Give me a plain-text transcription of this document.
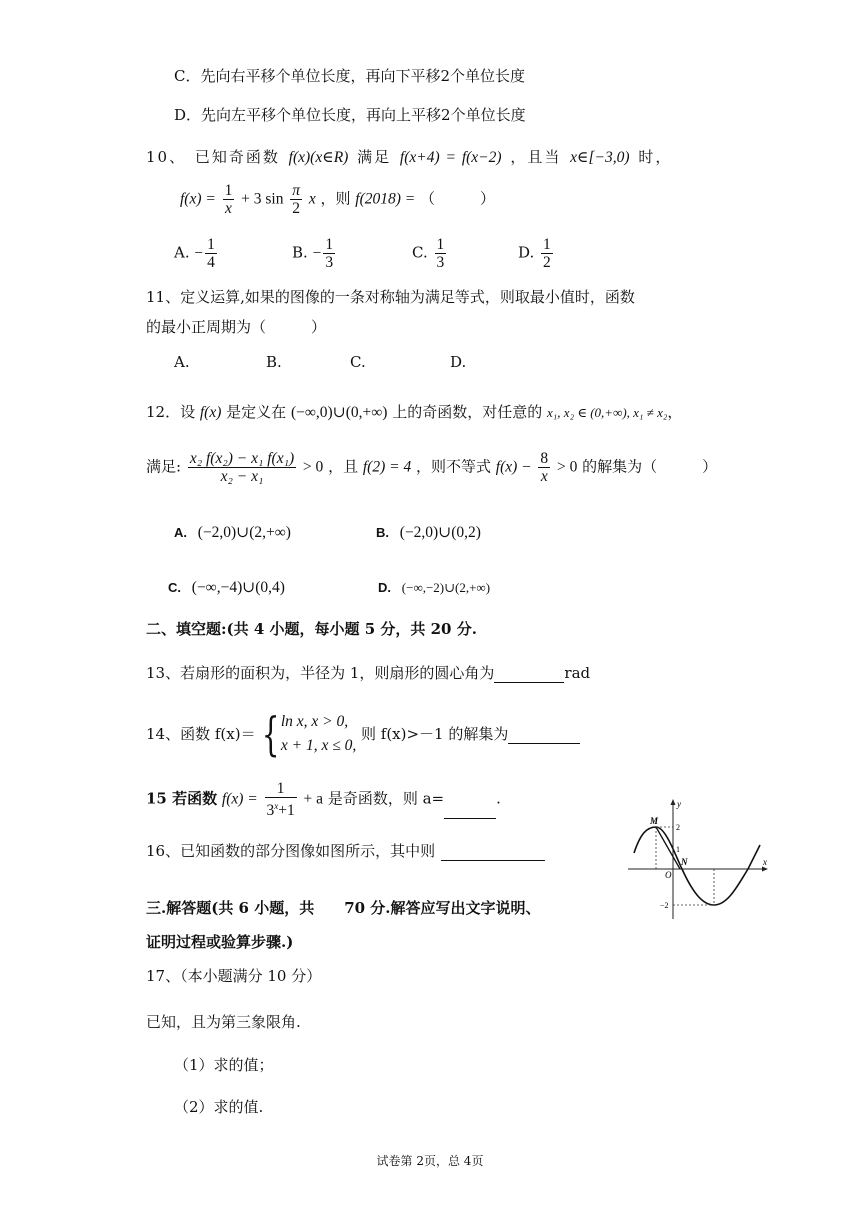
C．先向右平移个单位长度，再向下平移2个单位长度
D．先向左平移个单位长度，再向上平移2个单位长度
10、 已知奇函数 f(x)(x∈R) 满足 f(x+4) = f(x−2) ，且当 x∈[−3,0) 时，
$f(x) = \frac{1}{x} + 3$ $\sin \frac{\pi}{2}$ x ，则 f(2018) = （　　　）
A. − $\frac{1}{4}$	B. − $\frac{1}{3}$	C. $\frac{1}{3}$	D. $\frac{1}{2}$
11、定义运算,如果的图像的一条对称轴为满足等式，则取最小值时，函数
的最小正周期为（　　　）
A.	B.	C.	D.
12．设 f(x) 是定义在 (−∞,0)∪(0,+∞) 上的奇函数，对任意的 x₁, x₂ ∈ (0,+∞), x₁ ≠ x₂，
满足: $\frac{\text{x₂ f(x₂) − x₁ f(x₁)}}{\text{x₂ − x₁}} > 0$ ，且 f(2) = 4 ，则不等式 $f(x) - \frac{8}{x} > 0$ 的解集为（　　　）
A. (−2,0)∪(2,+∞)	B. (−2,0)∪(0,2)
C. (−∞,−4)∪(0,4)	D. (−∞,−2)∪(2,+∞)
二、填空题:(共 4 小题，每小题 5 分，共 20 分.
13、若扇形的面积为，半径为 1，则扇形的圆心角为	rad
14、函数 f(x)＝ { ln x, x > 0,
x + 1, x ≤ 0,
则 f(x)>－1 的解集为
15 若函数 $f(x) = \frac{1}{3^x+1} + a$ 是奇函数，则 a=	.
16、已知函数的部分图像如图所示，其中则
y
x
M
2
1
O
N
−2
三.解答题(共 6 小题，共　　70 分.解答应写出文字说明、
证明过程或验算步骤.)
17、（本小题满分 10 分）
已知，且为第三象限角.
（1）求的值；
（2）求的值.
试卷第 2页，总 4页
